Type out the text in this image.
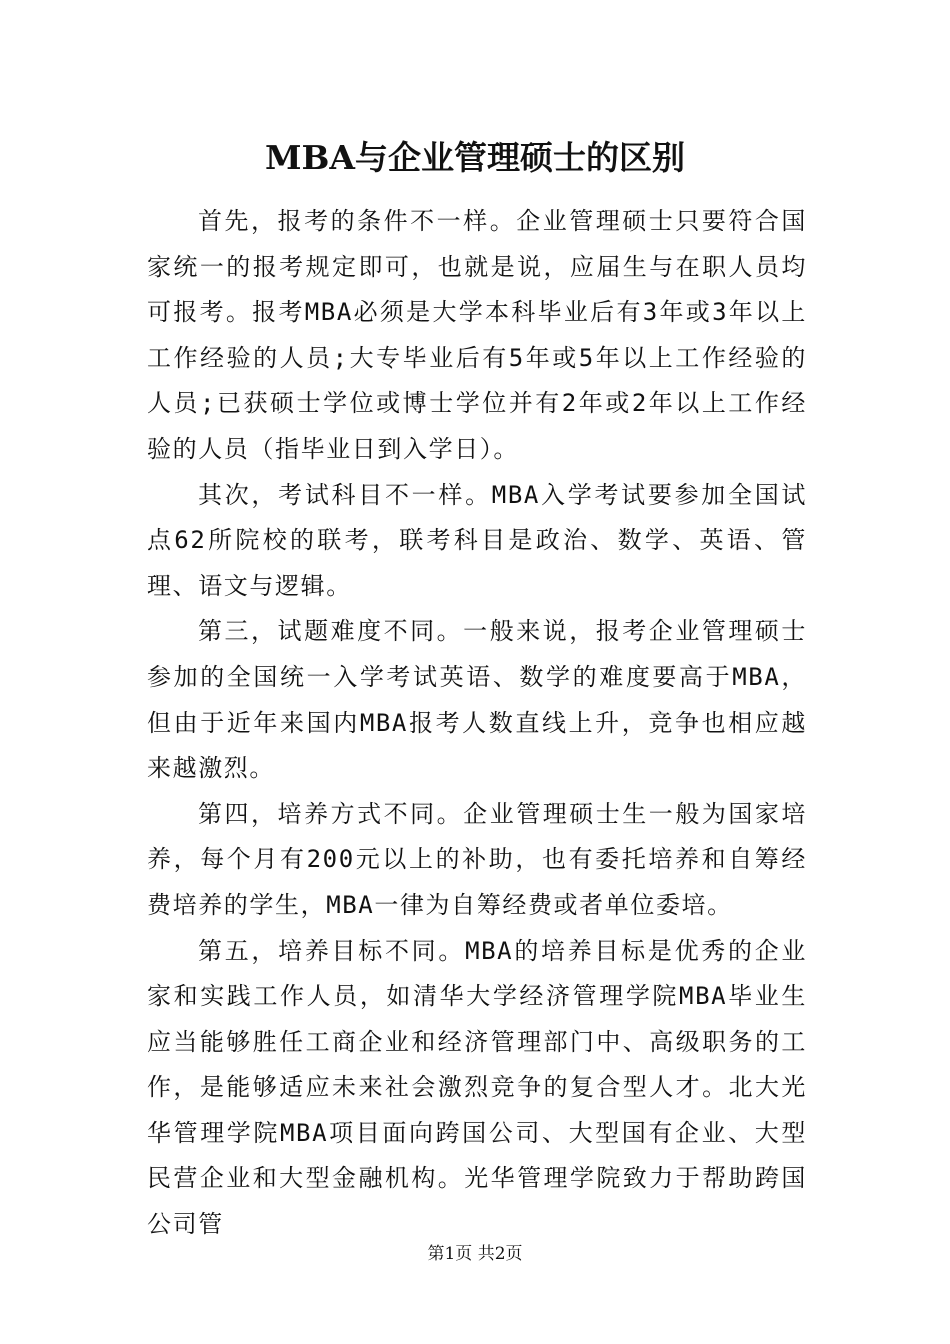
MBA与企业管理硕士的区别

首先，报考的条件不一样。企业管理硕士只要符合国家统一的报考规定即可，也就是说，应届生与在职人员均可报考。报考MBA必须是大学本科毕业后有3年或3年以上工作经验的人员;大专毕业后有5年或5年以上工作经验的人员;已获硕士学位或博士学位并有2年或2年以上工作经验的人员（指毕业日到入学日）。

其次，考试科目不一样。MBA入学考试要参加全国试点62所院校的联考，联考科目是政治、数学、英语、管理、语文与逻辑。

第三，试题难度不同。一般来说，报考企业管理硕士参加的全国统一入学考试英语、数学的难度要高于MBA，但由于近年来国内MBA报考人数直线上升，竞争也相应越来越激烈。

第四，培养方式不同。企业管理硕士生一般为国家培养，每个月有200元以上的补助，也有委托培养和自筹经费培养的学生，MBA一律为自筹经费或者单位委培。

第五，培养目标不同。MBA的培养目标是优秀的企业家和实践工作人员，如清华大学经济管理学院MBA毕业生应当能够胜任工商企业和经济管理部门中、高级职务的工作，是能够适应未来社会激烈竞争的复合型人才。北大光华管理学院MBA项目面向跨国公司、大型国有企业、大型民营企业和大型金融机构。光华管理学院致力于帮助跨国公司管

第1页 共2页
